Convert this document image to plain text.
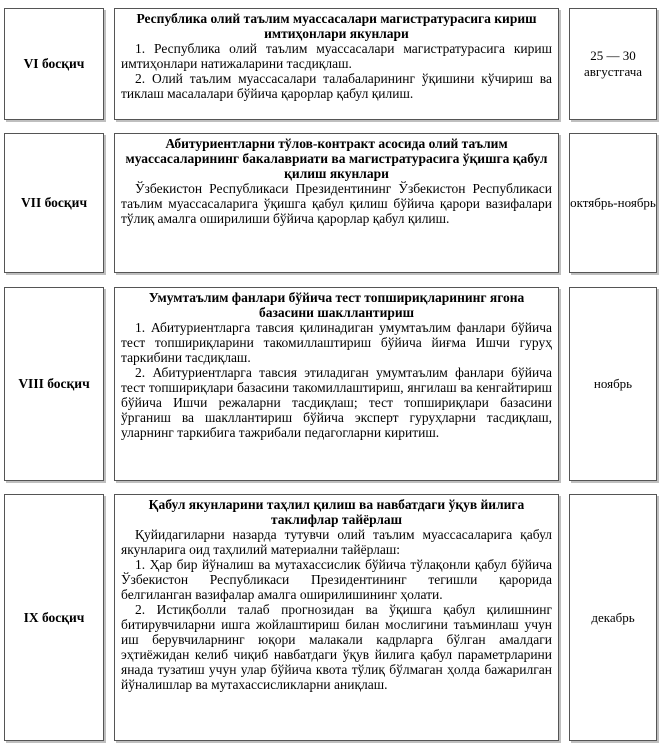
VI босқич
Республика олий таълим муассасалари магистратурасига кириш имтиҳонлари якунлари

1. Республика олий таълим муассасалари магистратурасига кириш имтиҳонлари натижаларини тасдиқлаш.

2. Олий таълим муассасалари талабаларининг ўқишини кўчириш ва тиклаш масалалари бўйича қарорлар қабул қилиш.

25 — 30 августгача
VII босқич
Абитуриентларни тўлов-контракт асосида олий таълим муассасаларининг бакалавриати ва магистратурасига ўқишга қабул қилиш якунлари

Ўзбекистон Республикаси Президентининг Ўзбекистон Республикаси таълим муассасаларига ўқишга қабул қилиш бўйича қарори вазифалари тўлиқ амалга оширилиши бўйича қарорлар қабул қилиш.

октябрь-ноябрь
VIII босқич
Умумтаълим фанлари бўйича тест топшириқларининг ягона базасини шакллантириш

1. Абитуриентларга тавсия қилинадиган умумтаълим фанлари бўйича тест топшириқларини такомиллаштириш бўйича йиғма Ишчи гуруҳ таркибини тасдиқлаш.

2. Абитуриентларга тавсия этиладиган умумтаълим фанлари бўйича тест топшириқлари базасини такомиллаштириш, янгилаш ва кенгайтириш бўйича Ишчи режаларни тасдиқлаш; тест топшириқлари базасини ўрганиш ва шакллантириш бўйича эксперт гуруҳларни тасдиқлаш, уларнинг таркибига тажрибали педагогларни киритиш.

ноябрь
IX босқич
Қабул якунларини таҳлил қилиш ва навбатдаги ўқув йилига таклифлар тайёрлаш

Қуйидагиларни назарда тутувчи олий таълим муассасаларига қабул якунларига оид таҳлилий материални тайёрлаш:

1. Ҳар бир йўналиш ва мутахассислик бўйича тўлақонли қабул бўйича Ўзбекистон Республикаси Президентининг тегишли қарорида белгиланган вазифалар амалга оширилишининг ҳолати.

2. Истиқболли талаб прогнозидан ва ўқишга қабул қилишнинг битирувчиларни ишга жойлаштириш билан мослигини таъминлаш учун иш берувчиларнинг юқори малакали кадрларга бўлган амалдаги эҳтиёжидан келиб чиқиб навбатдаги ўқув йилига қабул параметрларини янада тузатиш учун улар бўйича квота тўлиқ бўлмаган ҳолда бажарилган йўналишлар ва мутахассисликларни аниқлаш.

декабрь
